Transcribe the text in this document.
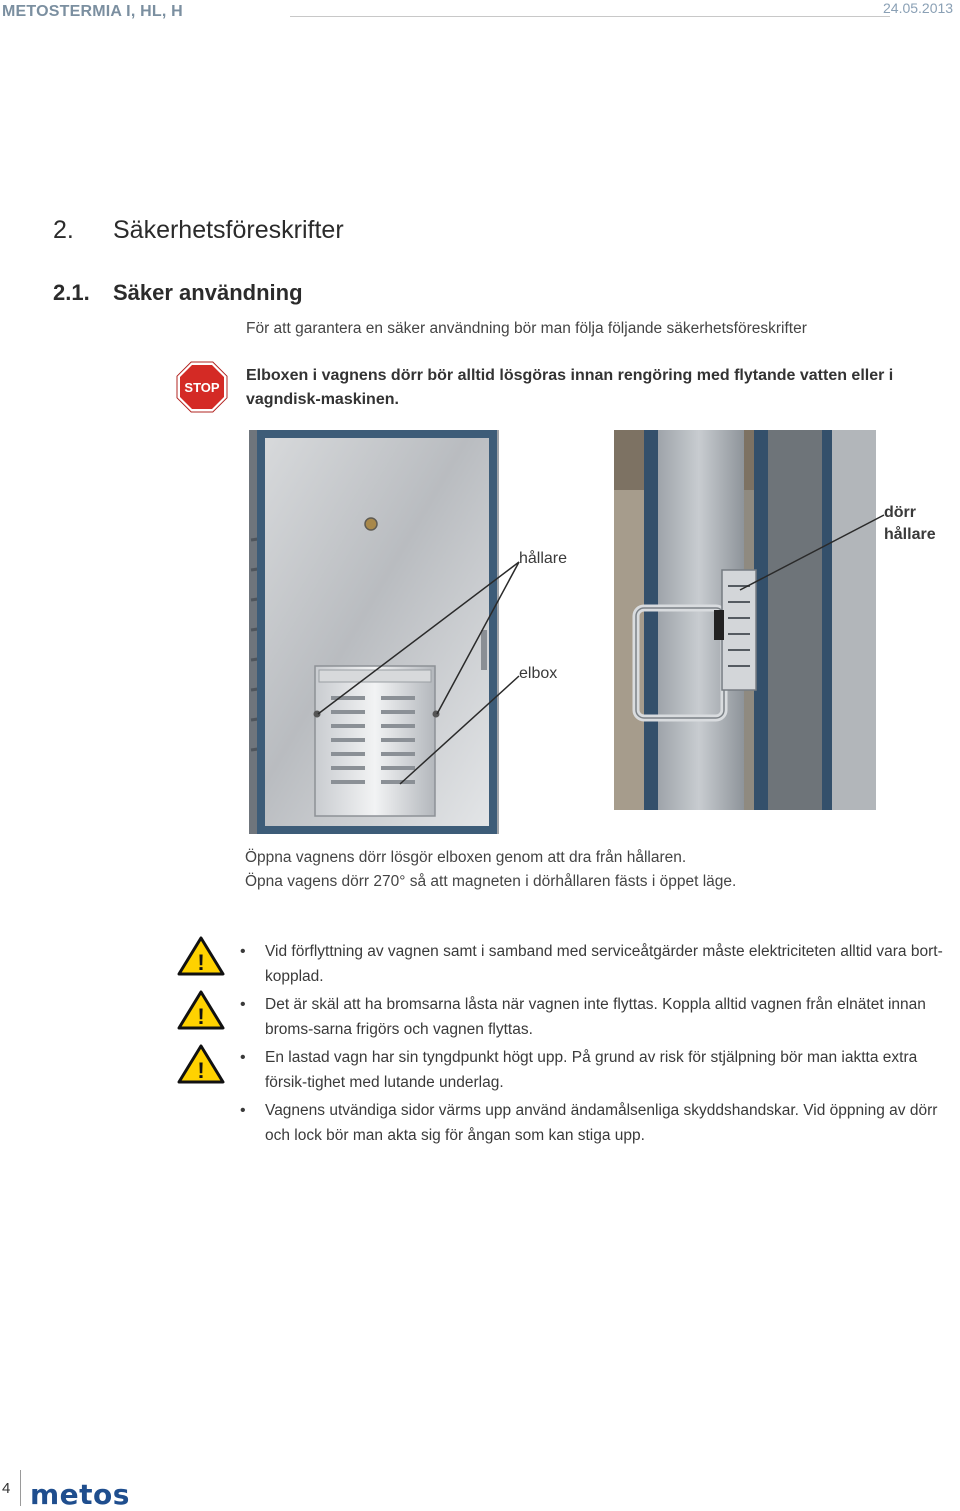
METOSTERMIA I, HL, H	24.05.2013
2. Säkerhetsföreskrifter
2.1. Säker användning
För att garantera en säker användning bör man följa följande säkerhetsföreskrifter
STOP
Elboxen i vagnens dörr bör alltid lösgöras innan rengöring med flytande vatten eller i vagndisk-maskinen.
hållare
elbox
dörr
hållare
Öppna vagnens dörr lösgör elboxen genom att dra från hållaren.
Öpna vagens dörr 270° så att magneten i dörhållaren fästs i öppet läge.
!
!
!
• Vid förflyttning av vagnen samt i samband med serviceåtgärder måste elektriciteten alltid vara bort-kopplad.
• Det är skäl att ha bromsarna låsta när vagnen inte flyttas. Koppla alltid vagnen från elnätet innan broms-sarna frigörs och vagnen flyttas.
• En lastad vagn har sin tyngdpunkt högt upp. På grund av risk för stjälpning bör man iaktta extra försik-tighet med lutande underlag.
• Vagnens utvändiga sidor värms upp använd ändamålsenliga skyddshandskar. Vid öppning av dörr och lock bör man akta sig för ångan som kan stiga upp.
4 metos
